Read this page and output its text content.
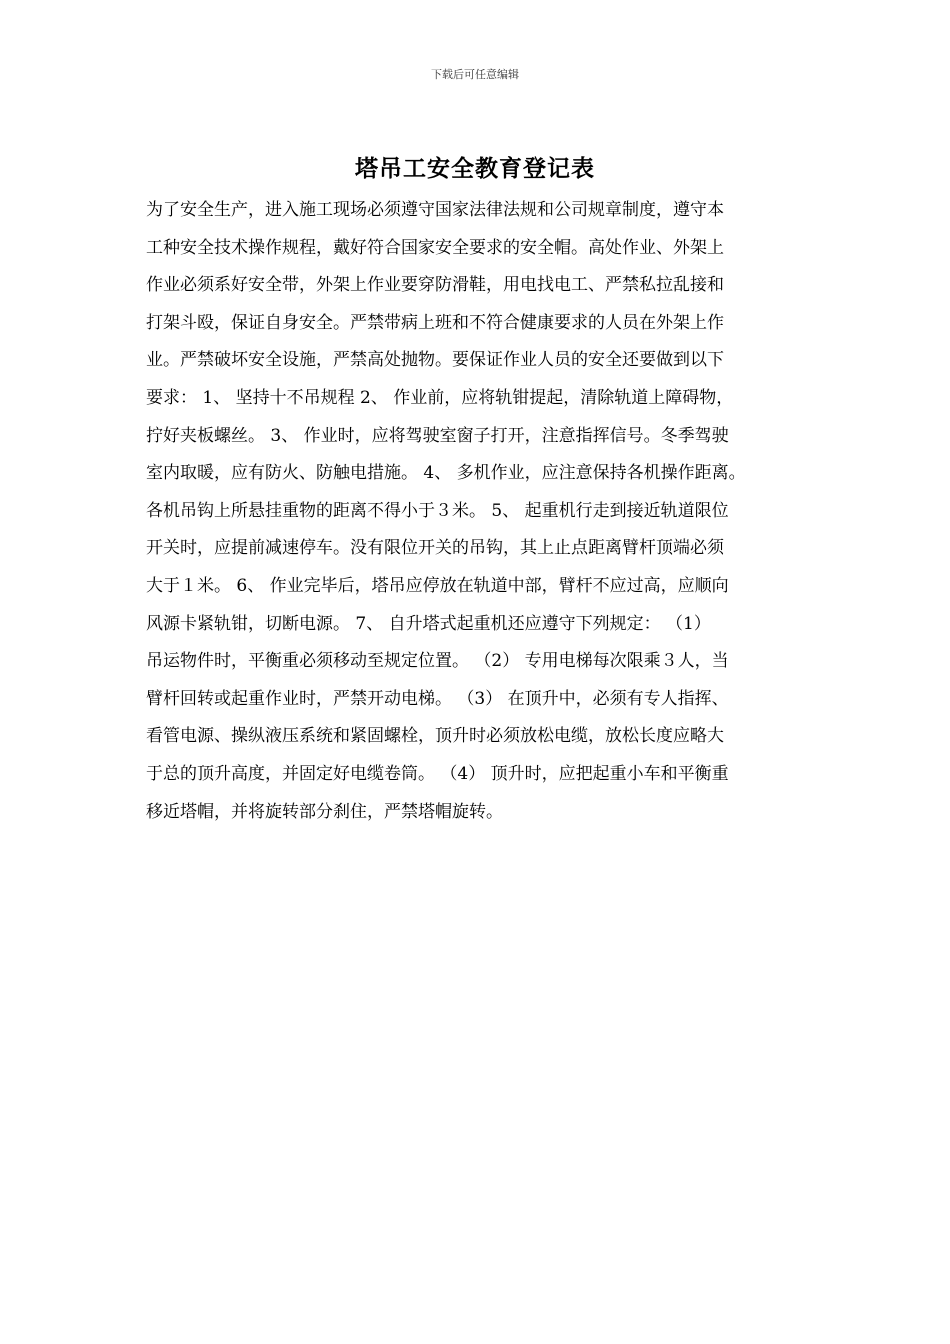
下载后可任意编辑
塔吊工安全教育登记表
为了安全生产，进入施工现场必须遵守国家法律法规和公司规章制度，遵守本
工种安全技术操作规程，戴好符合国家安全要求的安全帽。高处作业、外架上
作业必须系好安全带，外架上作业要穿防滑鞋，用电找电工、严禁私拉乱接和
打架斗殴，保证自身安全。严禁带病上班和不符合健康要求的人员在外架上作
业。严禁破坏安全设施，严禁高处抛物。要保证作业人员的安全还要做到以下
要求： 1、 坚持十不吊规程 2、 作业前，应将轨钳提起，清除轨道上障碍物，
拧好夹板螺丝。 3、 作业时，应将驾驶室窗子打开，注意指挥信号。冬季驾驶
室内取暖，应有防火、防触电措施。 4、 多机作业，应注意保持各机操作距离。
各机吊钩上所悬挂重物的距离不得小于３米。 5、 起重机行走到接近轨道限位
开关时，应提前减速停车。没有限位开关的吊钩，其上止点距离臂杆顶端必须
大于１米。 6、 作业完毕后，塔吊应停放在轨道中部，臂杆不应过高，应顺向
风源卡紧轨钳，切断电源。 7、 自升塔式起重机还应遵守下列规定： （1）
吊运物件时，平衡重必须移动至规定位置。 （2） 专用电梯每次限乘３人，当
臂杆回转或起重作业时，严禁开动电梯。 （3） 在顶升中，必须有专人指挥、
看管电源、操纵液压系统和紧固螺栓，顶升时必须放松电缆，放松长度应略大
于总的顶升高度，并固定好电缆卷筒。 （4） 顶升时，应把起重小车和平衡重
移近塔帽，并将旋转部分刹住，严禁塔帽旋转。
